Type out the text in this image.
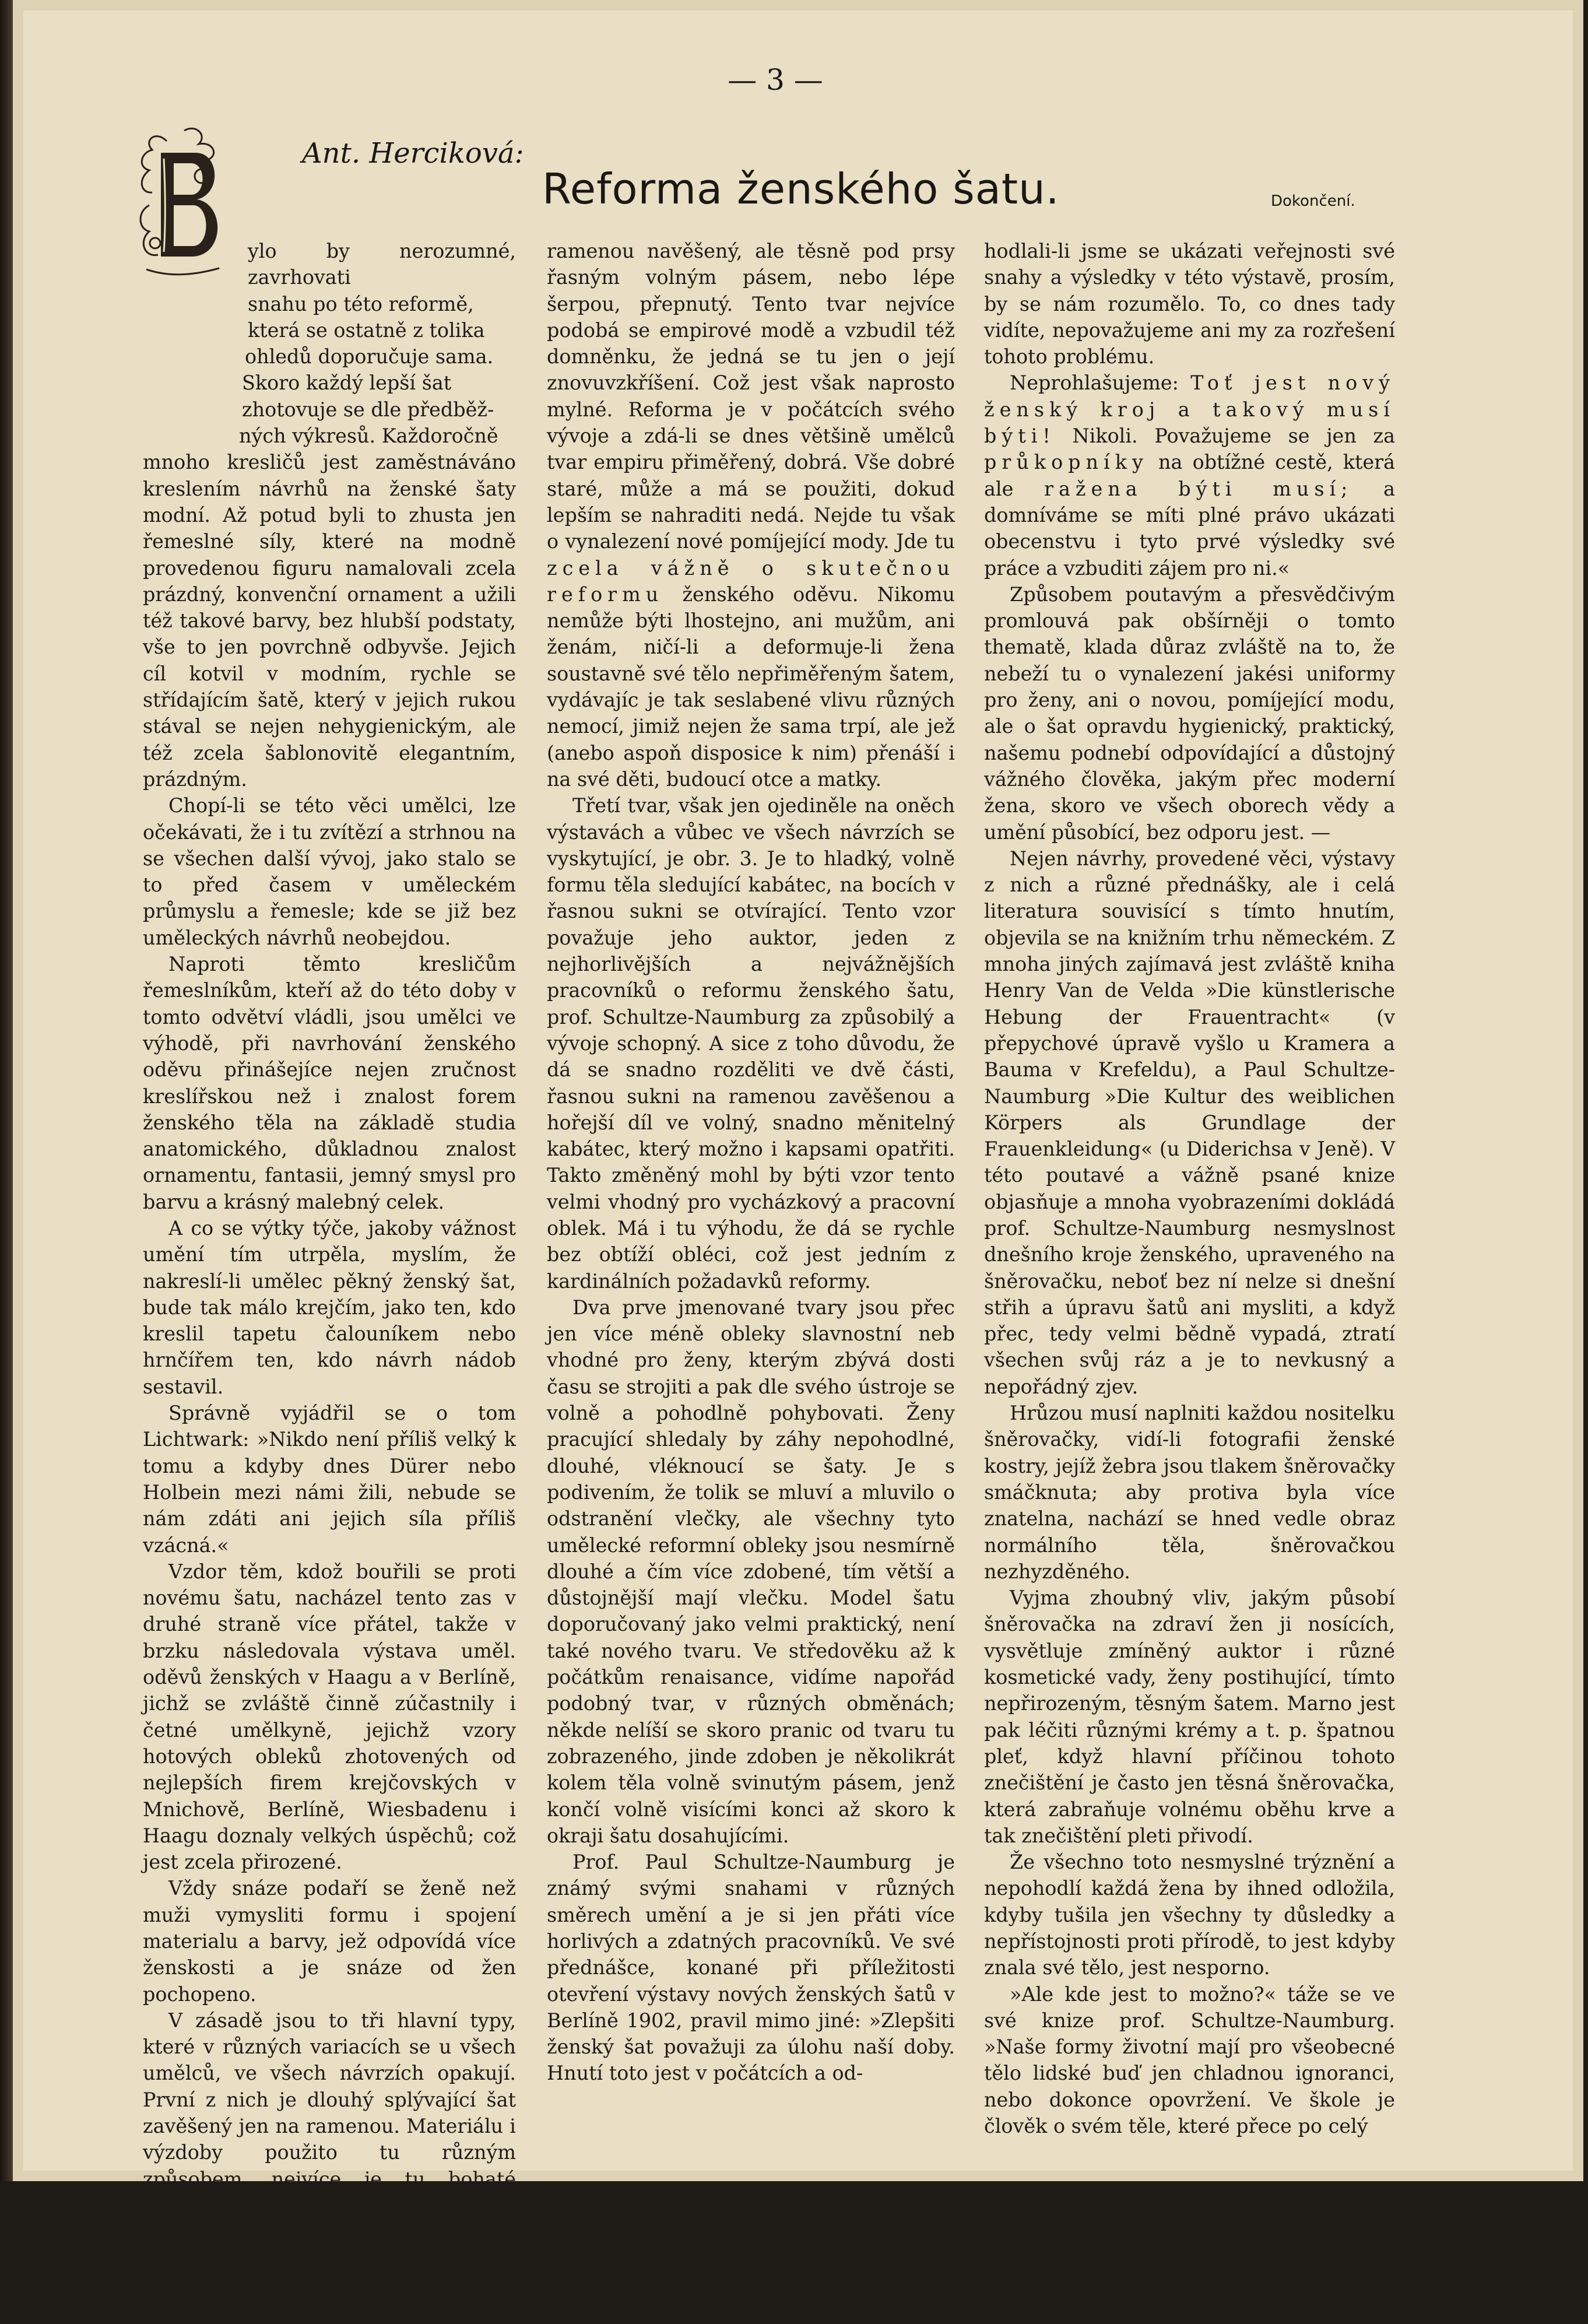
— 3 —
Ant. Herciková:
Reforma ženského šatu.	Dokončení.

ylo by nerozumné, zavrhovati

snahu po této reformě,

která se ostatně z tolika

ohledů doporučuje sama.

Skoro každý lepší šat

zhotovuje se dle předběž-

ných výkresů. Každoročně

mnoho kresličů jest zaměstnáváno kreslením návrhů na ženské šaty modní. Až potud byli to zhusta jen řemeslné síly, které na modně provedenou figuru namalovali zcela prázdný, konvenční ornament a užili též takové barvy, bez hlubší podstaty, vše to jen povrchně odbyvše. Jejich cíl kotvil v modním, rychle se střídajícím šatě, který v jejich rukou stával se nejen nehygienickým, ale též zcela šablonovitě elegantním, prázdným.

Chopí-li se této věci umělci, lze očekávati, že i tu zvítězí a strhnou na se všechen další vývoj, jako stalo se to před časem v uměleckém průmyslu a řemesle; kde se již bez uměleckých návrhů neobejdou.

Naproti těmto kresličům řemeslníkům, kteří až do této doby v tomto odvětví vládli, jsou umělci ve výhodě, při navrhování ženského oděvu přinášejíce nejen zručnost kreslířskou než i znalost forem ženského těla na základě studia anatomického, důkladnou znalost ornamentu, fantasii, jemný smysl pro barvu a krásný malebný celek.

A co se výtky týče, jakoby vážnost umění tím utrpěla, myslím, že nakreslí-li umělec pěkný ženský šat, bude tak málo krejčím, jako ten, kdo kreslil tapetu čalouníkem nebo hrnčířem ten, kdo návrh nádob sestavil.

Správně vyjádřil se o tom Lichtwark: »Nikdo není příliš velký k tomu a kdyby dnes Dürer nebo Holbein mezi námi žili, nebude se nám zdáti ani jejich síla příliš vzácná.«

Vzdor těm, kdož bouřili se proti novému šatu, nacházel tento zas v druhé straně více přátel, takže v brzku následovala výstava uměl. oděvů ženských v Haagu a v Berlíně, jichž se zvláště činně zúčastnily i četné umělkyně, jejichž vzory hotových obleků zhotovených od nejlepších firem krejčovských v Mnichově, Berlíně, Wiesbadenu i Haagu doznaly velkých úspěchů; což jest zcela přirozené.

Vždy snáze podaří se ženě než muži vymysliti formu i spojení materialu a barvy, jež odpovídá více ženskosti a je snáze od žen pochopeno.

V zásadě jsou to tři hlavní typy, které v různých variacích se u všech umělců, ve všech návrzích opakují. První z nich je dlouhý splývající šat zavěšený jen na ramenou. Materiálu i výzdoby použito tu různým způsobem, nejvíce je tu bohaté applikace a kuvrovaných mušelinových neb tylových volánů, ač i hladkých jednoduše zdobených nechybí.

Druhý typ je též dlouhý, řasný na

ramenou navěšený, ale těsně pod prsy řasným volným pásem, nebo lépe šerpou, přepnutý. Tento tvar nejvíce podobá se empirové modě a vzbudil též domněnku, že jedná se tu jen o její znovuvzkříšení. Což jest však naprosto mylné. Reforma je v počátcích svého vývoje a zdá-li se dnes většině umělců tvar empiru přiměřený, dobrá. Vše dobré staré, může a má se použiti, dokud lepším se nahraditi nedá. Nejde tu však o vynalezení nové pomíjející mody. Jde tu zcela vážně o skutečnou reformu ženského oděvu. Nikomu nemůže býti lhostejno, ani mužům, ani ženám, ničí-li a deformuje-li žena soustavně své tělo nepřiměřeným šatem, vydávajíc je tak seslabené vlivu různých nemocí, jimiž nejen že sama trpí, ale jež (anebo aspoň disposice k nim) přenáší i na své děti, budoucí otce a matky.

Třetí tvar, však jen ojediněle na oněch výstavách a vůbec ve všech návrzích se vyskytující, je obr. 3. Je to hladký, volně formu těla sledující kabátec, na bocích v řasnou sukni se otvírající. Tento vzor považuje jeho auktor, jeden z nejhorlivějších a nejvážnějších pracovníků o reformu ženského šatu, prof. Schultze-Naumburg za způsobilý a vývoje schopný. A sice z toho důvodu, že dá se snadno rozděliti ve dvě části, řasnou sukni na ramenou zavěšenou a hořejší díl ve volný, snadno měnitelný kabátec, který možno i kapsami opatřiti. Takto změněný mohl by býti vzor tento velmi vhodný pro vycházkový a pracovní oblek. Má i tu výhodu, že dá se rychle bez obtíží obléci, což jest jedním z kardinálních požadavků reformy.

Dva prve jmenované tvary jsou přec jen více méně obleky slavnostní neb vhodné pro ženy, kterým zbývá dosti času se strojiti a pak dle svého ústroje se volně a pohodlně pohybovati. Ženy pracující shledaly by záhy nepohodlné, dlouhé, vléknoucí se šaty. Je s podivením, že tolik se mluví a mluvilo o odstranění vlečky, ale všechny tyto umělecké reformní obleky jsou nesmírně dlouhé a čím více zdobené, tím větší a důstojnější mají vlečku. Model šatu doporučovaný jako velmi praktický, není také nového tvaru. Ve středověku až k počátkům renaisance, vidíme napořád podobný tvar, v různých obměnách; někde nelíší se skoro pranic od tvaru tu zobrazeného, jinde zdoben je několikrát kolem těla volně svinutým pásem, jenž končí volně visícími konci až skoro k okraji šatu dosahujícími.

Prof. Paul Schultze-Naumburg je známý svými snahami v různých směrech umění a je si jen přáti více horlivých a zdatných pracovníků. Ve své přednášce, konané při příležitosti otevření výstavy nových ženských šatů v Berlíně 1902, pravil mimo jiné: »Zlepšiti ženský šat považuji za úlohu naší doby. Hnutí toto jest v počátcích a od-

hodlali-li jsme se ukázati veřejnosti své snahy a výsledky v této výstavě, prosím, by se nám rozumělo. To, co dnes tady vidíte, nepovažujeme ani my za rozřešení tohoto problému.

Neprohlašujeme: Toť jest nový ženský kroj a takový musí býti! Nikoli. Považujeme se jen za průkopníky na obtížné cestě, která ale ražena býti musí; a domníváme se míti plné právo ukázati obecenstvu i tyto prvé výsledky své práce a vzbuditi zájem pro ni.«

Způsobem poutavým a přesvědčivým promlouvá pak obšírněji o tomto thematě, klada důraz zvláště na to, že nebeží tu o vynalezení jakési uniformy pro ženy, ani o novou, pomíjející modu, ale o šat opravdu hygienický, praktický, našemu podnebí odpovídající a důstojný vážného člověka, jakým přec moderní žena, skoro ve všech oborech vědy a umění působící, bez odporu jest. —

Nejen návrhy, provedené věci, výstavy z nich a různé přednášky, ale i celá literatura souvisící s tímto hnutím, objevila se na knižním trhu německém. Z mnoha jiných zajímavá jest zvláště kniha Henry Van de Velda »Die künstlerische Hebung der Frauentracht« (v přepychové úpravě vyšlo u Kramera a Bauma v Krefeldu), a Paul Schultze-Naumburg »Die Kultur des weiblichen Körpers als Grundlage der Frauenkleidung« (u Diderichsa v Jeně). V této poutavé a vážně psané knize objasňuje a mnoha vyobrazeními dokládá prof. Schultze-Naumburg nesmyslnost dnešního kroje ženského, upraveného na šněrovačku, neboť bez ní nelze si dnešní střih a úpravu šatů ani mysliti, a když přec, tedy velmi bědně vypadá, ztratí všechen svůj ráz a je to nevkusný a nepořádný zjev.

Hrůzou musí naplniti každou nositelku šněrovačky, vidí-li fotografii ženské kostry, jejíž žebra jsou tlakem šněrovačky smáčknuta; aby protiva byla více znatelna, nachází se hned vedle obraz normálního těla, šněrovačkou nezhyzděného.

Vyjma zhoubný vliv, jakým působí šněrovačka na zdraví žen ji nosících, vysvětluje zmíněný auktor i různé kosmetické vady, ženy postihující, tímto nepřirozeným, těsným šatem. Marno jest pak léčiti různými krémy a t. p. špatnou pleť, když hlavní příčinou tohoto znečištění je často jen těsná šněrovačka, která zabraňuje volnému oběhu krve a tak znečištění pleti přivodí.

Že všechno toto nesmyslné trýznění a nepohodlí každá žena by ihned odložila, kdyby tušila jen všechny ty důsledky a nepřístojnosti proti přírodě, to jest kdyby znala své tělo, jest nesporno.

»Ale kde jest to možno?« táže se ve své knize prof. Schultze-Naumburg. »Naše formy životní mají pro všeobecné tělo lidské buď jen chladnou ignoranci, nebo dokonce opovržení. Ve škole je člověk o svém těle, které přece po celý
